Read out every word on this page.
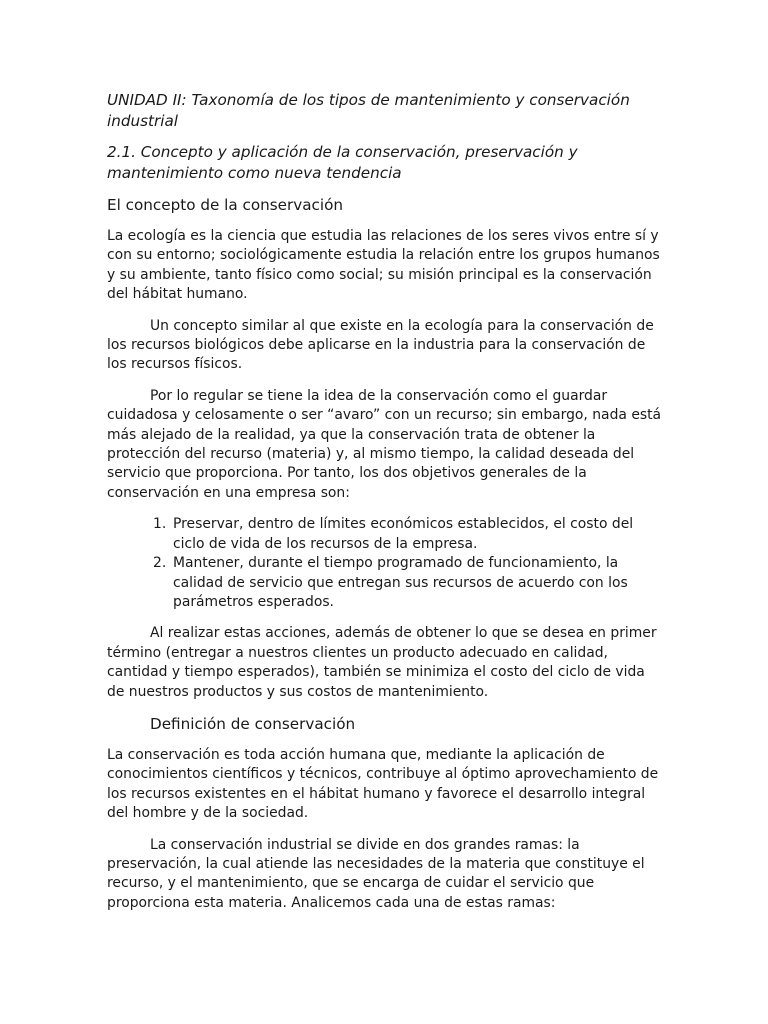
UNIDAD II: Taxonomía de los tipos de mantenimiento y conservación industrial
2.1. Concepto y aplicación de la conservación, preservación y mantenimiento como nueva tendencia
El concepto de la conservación

La ecología es la ciencia que estudia las relaciones de los seres vivos entre sí y con su entorno; sociológicamente estudia la relación entre los grupos humanos y su ambiente, tanto físico como social; su misión principal es la conservación del hábitat humano.

Un concepto similar al que existe en la ecología para la conservación de los recursos biológicos debe aplicarse en la industria para la conservación de los recursos físicos.

Por lo regular se tiene la idea de la conservación como el guardar cuidadosa y celosamente o ser “avaro” con un recurso; sin embargo, nada está más alejado de la realidad, ya que la conservación trata de obtener la protección del recurso (materia) y, al mismo tiempo, la calidad deseada del servicio que proporciona. Por tanto, los dos objetivos generales de la conservación en una empresa son:

1. Preservar, dentro de límites económicos establecidos, el costo del ciclo de vida de los recursos de la empresa.
2. Mantener, durante el tiempo programado de funcionamiento, la calidad de servicio que entregan sus recursos de acuerdo con los parámetros esperados.

Al realizar estas acciones, además de obtener lo que se desea en primer término (entregar a nuestros clientes un producto adecuado en calidad, cantidad y tiempo esperados), también se minimiza el costo del ciclo de vida de nuestros productos y sus costos de mantenimiento.

Definición de conservación

La conservación es toda acción humana que, mediante la aplicación de conocimientos científicos y técnicos, contribuye al óptimo aprovechamiento de los recursos existentes en el hábitat humano y favorece el desarrollo integral del hombre y de la sociedad.

La conservación industrial se divide en dos grandes ramas: la preservación, la cual atiende las necesidades de la materia que constituye el recurso, y el mantenimiento, que se encarga de cuidar el servicio que proporciona esta materia. Analicemos cada una de estas ramas:
